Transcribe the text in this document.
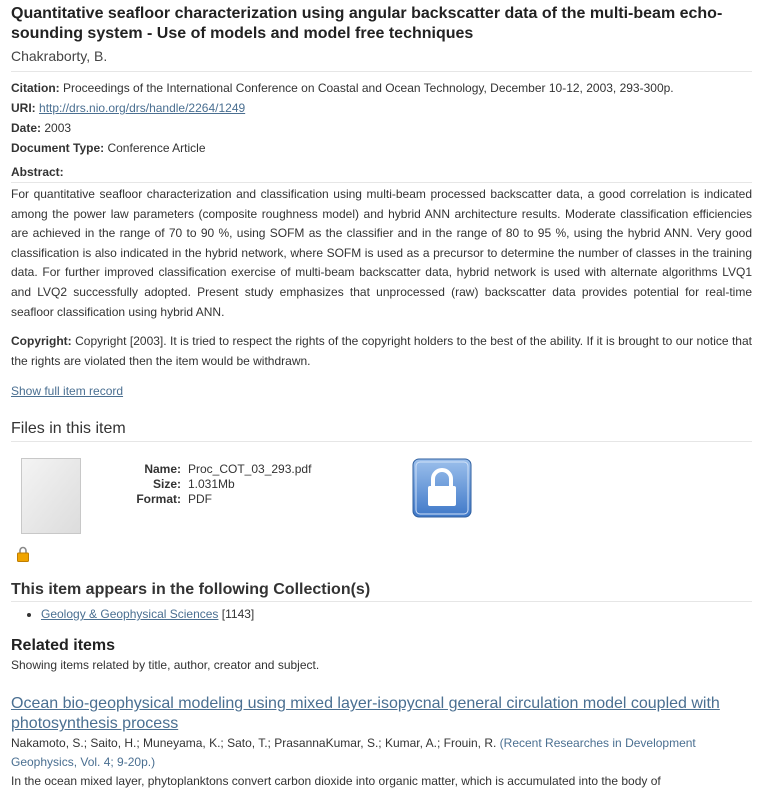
Quantitative seafloor characterization using angular backscatter data of the multi-beam echo-sounding system - Use of models and model free techniques
Chakraborty, B.
Citation: Proceedings of the International Conference on Coastal and Ocean Technology, December 10-12, 2003, 293-300p.
URI: http://drs.nio.org/drs/handle/2264/1249
Date: 2003
Document Type: Conference Article
Abstract:
For quantitative seafloor characterization and classification using multi-beam processed backscatter data, a good correlation is indicated among the power law parameters (composite roughness model) and hybrid ANN architecture results. Moderate classification efficiencies are achieved in the range of 70 to 90 %, using SOFM as the classifier and in the range of 80 to 95 %, using the hybrid ANN. Very good classification is also indicated in the hybrid network, where SOFM is used as a precursor to determine the number of classes in the training data. For further improved classification exercise of multi-beam backscatter data, hybrid network is used with alternate algorithms LVQ1 and LVQ2 successfully adopted. Present study emphasizes that unprocessed (raw) backscatter data provides potential for real-time seafloor classification using hybrid ANN.
Copyright: Copyright [2003]. It is tried to respect the rights of the copyright holders to the best of the ability. If it is brought to our notice that the rights are violated then the item would be withdrawn.
Show full item record
Files in this item
Name: Proc_COT_03_293.pdf
Size: 1.031Mb
Format: PDF
This item appears in the following Collection(s)
• Geology & Geophysical Sciences [1143]
Related items
Showing items related by title, author, creator and subject.
Ocean bio-geophysical modeling using mixed layer-isopycnal general circulation model coupled with photosynthesis process
Nakamoto, S.; Saito, H.; Muneyama, K.; Sato, T.; PrasannaKumar, S.; Kumar, A.; Frouin, R. (Recent Researches in Development Geophysics, Vol. 4; 9-20p.)
In the ocean mixed layer, phytoplanktons convert carbon dioxide into organic matter, which is accumulated into the body of
